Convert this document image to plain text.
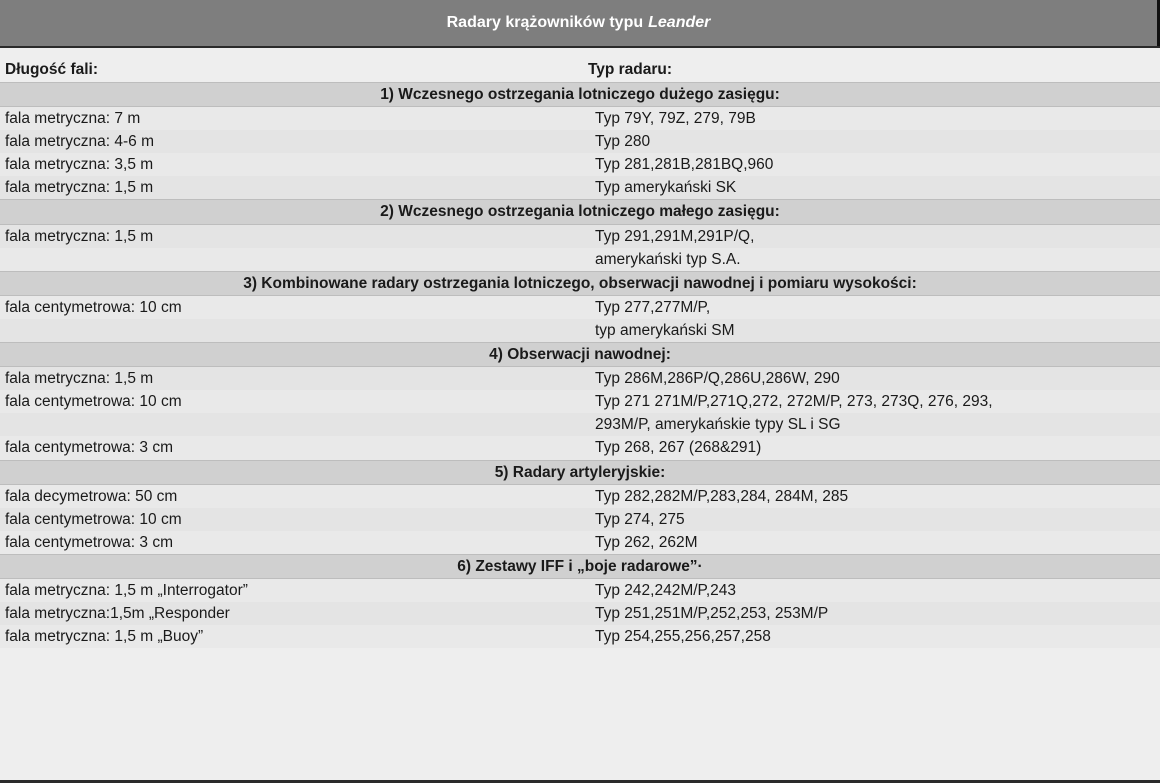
Radary krążowników typu Leander
Długość fali:	Typ radaru:
1) Wczesnego ostrzegania lotniczego dużego zasięgu:
fala metryczna: 7 m	Typ 79Y, 79Z, 279, 79B
fala metryczna: 4-6 m	Typ 280
fala metryczna: 3,5 m	Typ 281,281B,281BQ,960
fala metryczna: 1,5 m	Typ amerykański SK
2) Wczesnego ostrzegania lotniczego małego zasięgu:
fala metryczna: 1,5 m	Typ 291,291M,291P/Q,
amerykański typ S.A.
3) Kombinowane radary ostrzegania lotniczego, obserwacji nawodnej i pomiaru wysokości:
fala centymetrowa: 10 cm	Typ 277,277M/P,
typ amerykański SM
4) Obserwacji nawodnej:
fala metryczna: 1,5 m	Typ 286M,286P/Q,286U,286W, 290
fala centymetrowa: 10 cm	Typ 271 271M/P,271Q,272, 272M/P, 273, 273Q, 276, 293,
293M/P, amerykańskie typy SL i SG
fala centymetrowa: 3 cm	Typ 268, 267 (268&291)
5) Radary artyleryjskie:
fala decymetrowa: 50 cm	Typ 282,282M/P,283,284, 284M, 285
fala centymetrowa: 10 cm	Typ 274, 275
fala centymetrowa: 3 cm	Typ 262, 262M
6) Zestawy IFF i „boje radarowe”·
fala metryczna: 1,5 m „Interrogator”	Typ 242,242M/P,243
fala metryczna:1,5m „Responder	Typ 251,251M/P,252,253, 253M/P
fala metryczna: 1,5 m „Buoy”	Typ 254,255,256,257,258
